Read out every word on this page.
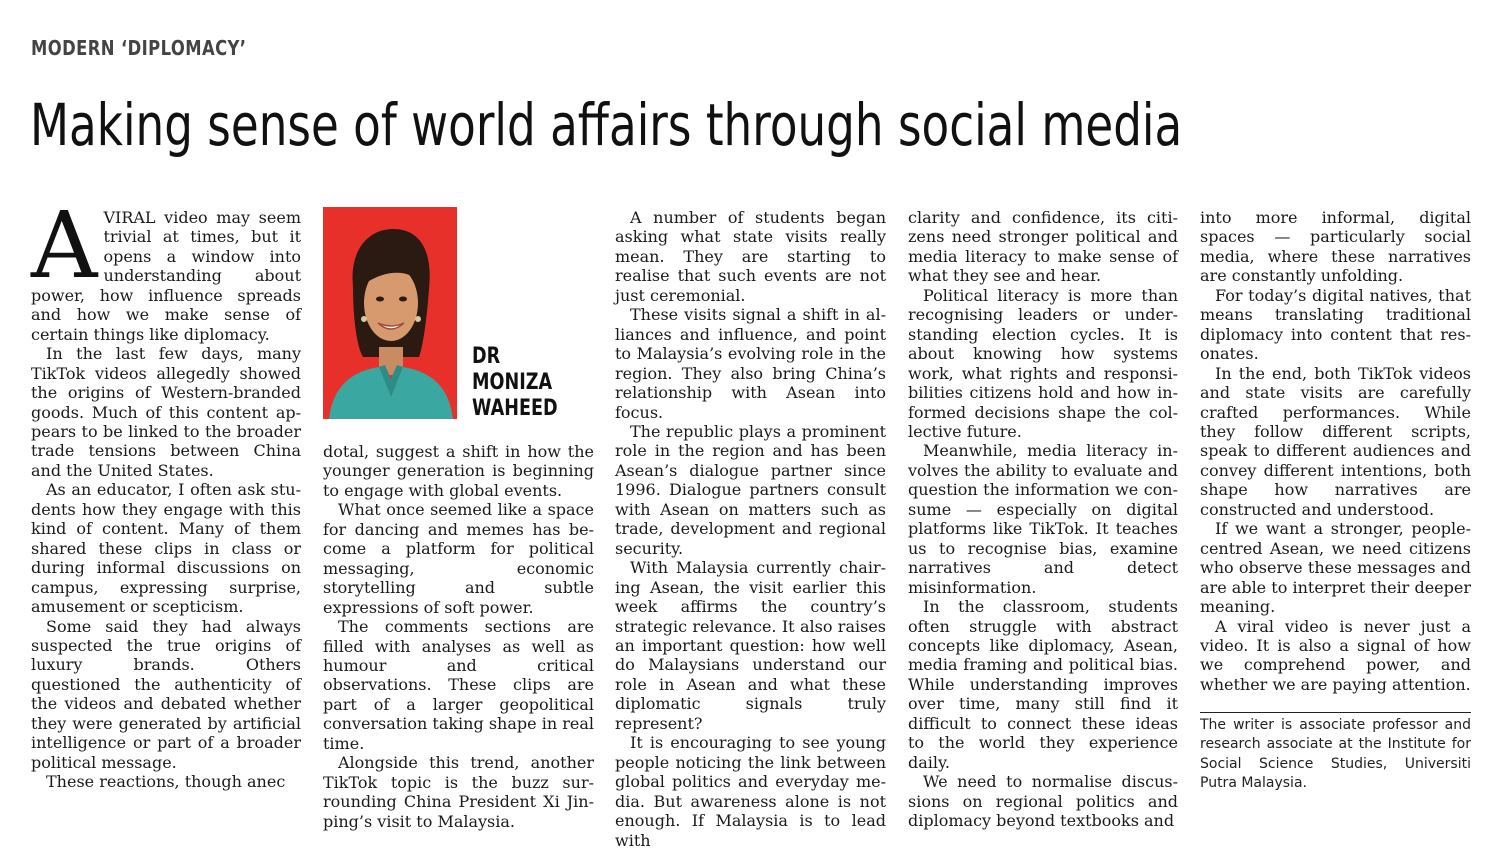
MODERN ‘DIPLOMACY’
Making sense of world affairs through social media

AVIRAL video may seem trivial at times, but it opens a window into understanding about power, how influence spreads and how we make sense of certain things like diplomacy.

In the last few days, many TikTok videos allegedly showed the origins of Western-branded goods. Much of this content appears to be linked to the broader trade tensions between China and the United States.

As an educator, I often ask students how they engage with this kind of content. Many of them shared these clips in class or during informal discussions on campus, expressing surprise, amusement or scepticism.

Some said they had always suspected the true origins of luxury brands. Others questioned the authenticity of the videos and debated whether they were generated by artificial intelligence or part of a broader political message.

These reactions, though anec

DR
MONIZA
WAHEED

dotal, suggest a shift in how the younger generation is beginning to engage with global events.

What once seemed like a space for dancing and memes has become a platform for political messaging, economic storytelling and subtle expressions of soft power.

The comments sections are filled with analyses as well as humour and critical observations. These clips are part of a larger geopolitical conversation taking shape in real time.

Alongside this trend, another TikTok topic is the buzz surrounding China President Xi Jinping’s visit to Malaysia.

A number of students began asking what state visits really mean. They are starting to realise that such events are not just ceremonial.

These visits signal a shift in alliances and influence, and point to Malaysia’s evolving role in the region. They also bring China’s relationship with Asean into focus.

The republic plays a prominent role in the region and has been Asean’s dialogue partner since 1996. Dialogue partners consult with Asean on matters such as trade, development and regional security.

With Malaysia currently chairing Asean, the visit earlier this week affirms the country’s strategic relevance. It also raises an important question: how well do Malaysians understand our role in Asean and what these diplomatic signals truly represent?

It is encouraging to see young people noticing the link between global politics and everyday media. But awareness alone is not enough. If Malaysia is to lead with

clarity and confidence, its citizens need stronger political and media literacy to make sense of what they see and hear.

Political literacy is more than recognising leaders or understanding election cycles. It is about knowing how systems work, what rights and responsibilities citizens hold and how informed decisions shape the collective future.

Meanwhile, media literacy involves the ability to evaluate and question the information we consume — especially on digital platforms like TikTok. It teaches us to recognise bias, examine narratives and detect misinformation.

In the classroom, students often struggle with abstract concepts like diplomacy, Asean, media framing and political bias. While understanding improves over time, many still find it difficult to connect these ideas to the world they experience daily.

We need to normalise discussions on regional politics and diplomacy beyond textbooks and

into more informal, digital spaces — particularly social media, where these narratives are constantly unfolding.

For today’s digital natives, that means translating traditional diplomacy into content that resonates.

In the end, both TikTok videos and state visits are carefully crafted performances. While they follow different scripts, speak to different audiences and convey different intentions, both shape how narratives are constructed and understood.

If we want a stronger, people-centred Asean, we need citizens who observe these messages and are able to interpret their deeper meaning.

A viral video is never just a video. It is also a signal of how we comprehend power, and whether we are paying attention.

The writer is associate professor and research associate at the Institute for Social Science Studies, Universiti Putra Malaysia.
